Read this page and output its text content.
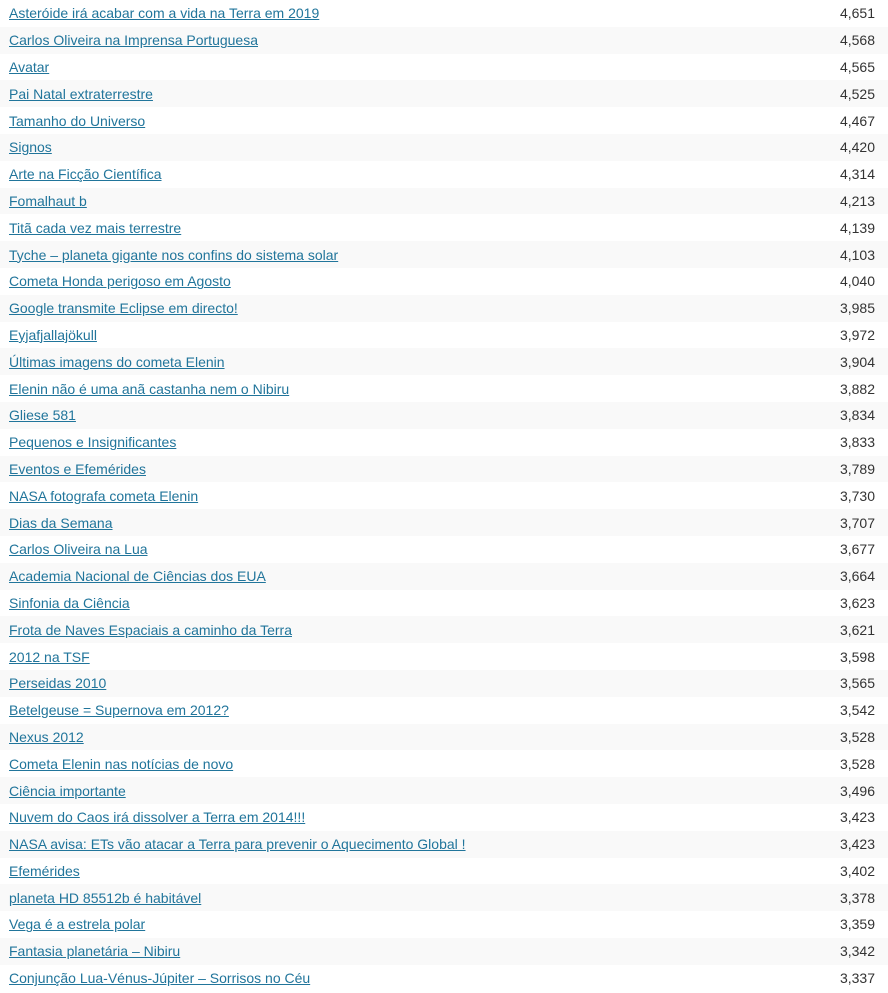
Asteróide irá acabar com a vida na Terra em 2019	4,651
Carlos Oliveira na Imprensa Portuguesa	4,568
Avatar	4,565
Pai Natal extraterrestre	4,525
Tamanho do Universo	4,467
Signos	4,420
Arte na Ficção Científica	4,314
Fomalhaut b	4,213
Titã cada vez mais terrestre	4,139
Tyche – planeta gigante nos confins do sistema solar	4,103
Cometa Honda perigoso em Agosto	4,040
Google transmite Eclipse em directo!	3,985
Eyjafjallajökull	3,972
Últimas imagens do cometa Elenin	3,904
Elenin não é uma anã castanha nem o Nibiru	3,882
Gliese 581	3,834
Pequenos e Insignificantes	3,833
Eventos e Efemérides	3,789
NASA fotografa cometa Elenin	3,730
Dias da Semana	3,707
Carlos Oliveira na Lua	3,677
Academia Nacional de Ciências dos EUA	3,664
Sinfonia da Ciência	3,623
Frota de Naves Espaciais a caminho da Terra	3,621
2012 na TSF	3,598
Perseidas 2010	3,565
Betelgeuse = Supernova em 2012?	3,542
Nexus 2012	3,528
Cometa Elenin nas notícias de novo	3,528
Ciência importante	3,496
Nuvem do Caos irá dissolver a Terra em 2014!!!	3,423
NASA avisa: ETs vão atacar a Terra para prevenir o Aquecimento Global !	3,423
Efemérides	3,402
planeta HD 85512b é habitável	3,378
Vega é a estrela polar	3,359
Fantasia planetária – Nibiru	3,342
Conjunção Lua-Vénus-Júpiter – Sorrisos no Céu	3,337
